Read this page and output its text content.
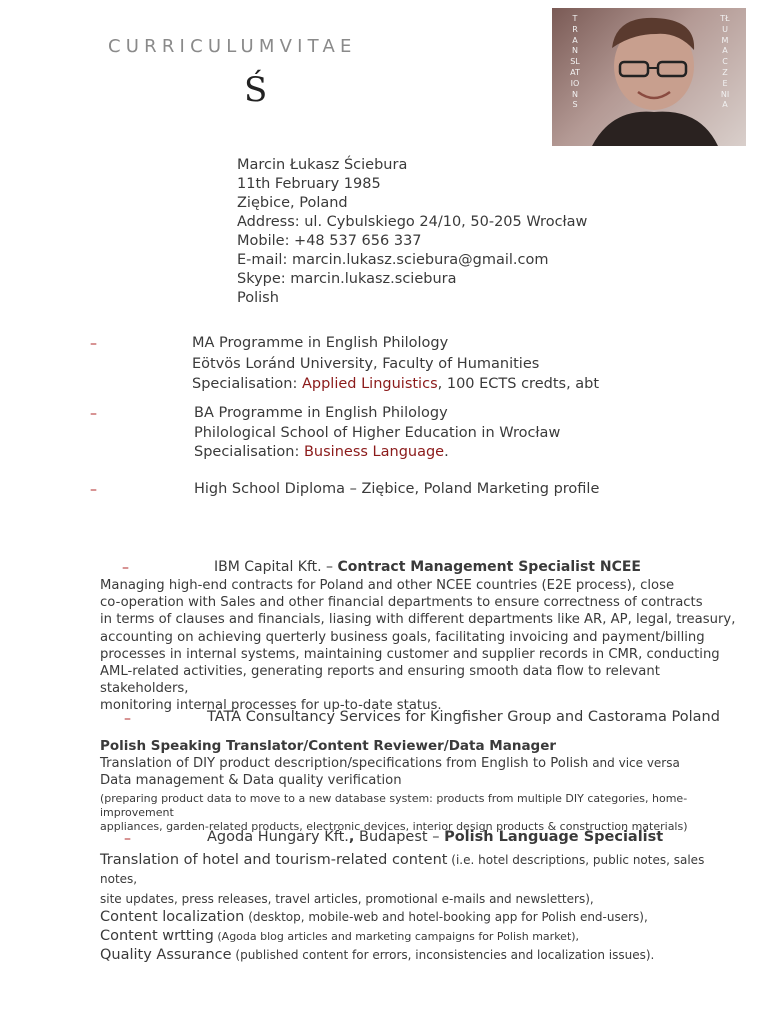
CURRICULUMVITAE
Ś
TRANSLATIONS
TŁUMACZENIA
Marcin Łukasz Ściebura
11th February 1985
Ziębice, Poland
Address: ul. Cybulskiego 24/10, 50-205 Wrocław
Mobile: +48 537 656 337
E-mail: marcin.lukasz.sciebura@gmail.com
Skype: marcin.lukasz.sciebura
Polish
–	MA Programme in English Philology
Eötvös Loránd University, Faculty of Humanities
Specialisation: Applied Linguistics, 100 ECTS credts, abt
–	BA Programme in English Philology
Philological School of Higher Education in Wrocław
Specialisation: Business Language.
–	High School Diploma – Ziębice, Poland Marketing profile
–	IBM Capital Kft. – Contract Management Specialist NCEE
Managing high-end contracts for Poland and other NCEE countries (E2E process), close
co-operation with Sales and other financial departments to ensure correctness of contracts
in terms of clauses and financials, liasing with different departments like AR, AP, legal, treasury,
accounting on achieving querterly business goals, facilitating invoicing and payment/billing
processes in internal systems, maintaining customer and supplier records in CMR, conducting
AML-related activities, generating reports and ensuring smooth data flow to relevant stakeholders,
monitoring internal processes for up-to-date status.
–	TATA Consultancy Services for Kingfisher Group and Castorama Poland
Polish Speaking Translator/Content Reviewer/Data Manager
Translation of DIY product description/specifications from English to Polish and vice versa
Data management & Data quality verification
(preparing product data to move to a new database system: products from multiple DIY categories, home-improvement
appliances, garden-related products, electronic devices, interior design products & construction materials)
–	Agoda Hungary Kft., Budapest – Polish Language Specialist
Translation of hotel and tourism-related content (i.e. hotel descriptions, public notes, sales notes,
site updates, press releases, travel articles, promotional e-mails and newsletters),
Content localization (desktop, mobile-web and hotel-booking app for Polish end-users),
Content wrtting (Agoda blog articles and marketing campaigns for Polish market),
Quality Assurance (published content for errors, inconsistencies and localization issues).
